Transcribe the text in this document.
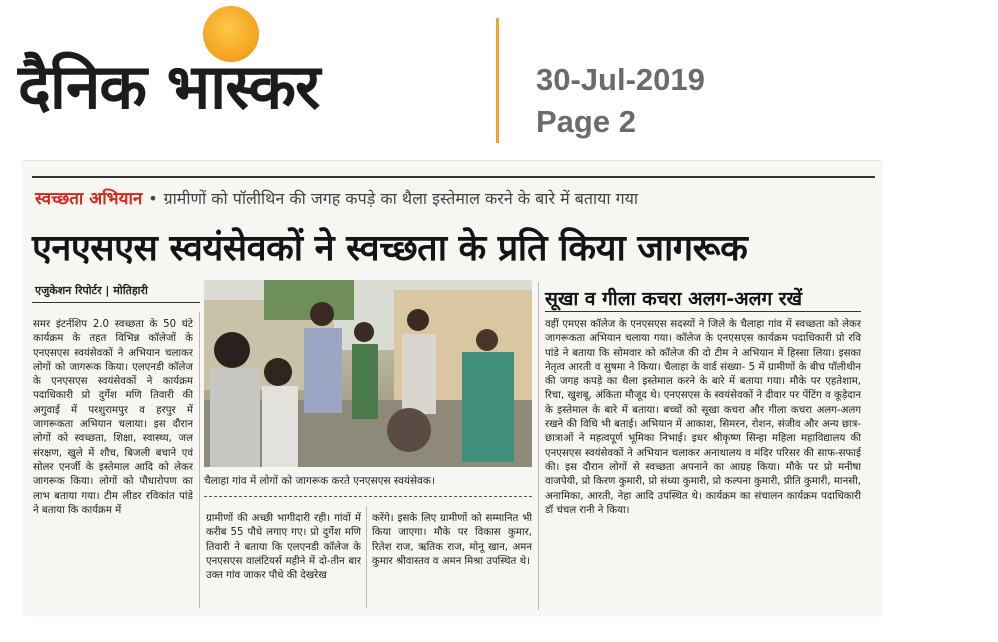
दैनिक भास्कर	30-Jul-2019
Page 2
स्वच्छता अभियान • ग्रामीणों को पॉलीथिन की जगह कपड़े का थैला इस्तेमाल करने के बारे में बताया गया
एनएसएस स्वयंसेवकों ने स्वच्छता के प्रति किया जागरूक
एजुकेशन रिपोर्टर | मोतिहारी
समर इंटर्नशिप 2.0 स्वच्छता के 50 घंटे कार्यक्रम के तहत विभिन्न कॉलेजों के एनएसएस स्वयंसेवकों ने अभियान चलाकर लोगों को जागरूक किया। एलएनडी कॉलेज के एनएसएस स्वयंसेवकों ने कार्यक्रम पदाधिकारी प्रो दुर्गेश मणि तिवारी की अगुवाई में परशुरामपुर व हरपुर में जागरूकता अभियान चलाया। इस दौरान लोगों को स्वच्छता, शिक्षा, स्वास्थ्य, जल संरक्षण, खुले में शौच, बिजली बचाने एवं सोलर एनर्जी के इस्तेमाल आदि को लेकर जागरूक किया। लोगों को पौधारोपण का लाभ बताया गया। टीम लीडर रविकांत पांडे ने बताया कि कार्यक्रम में
चैलाहा गांव में लोगों को जागरूक करते एनएसएस स्वयंसेवक।
ग्रामीणों की अच्छी भागीदारी रही। गांवों में करीब 55 पौधे लगाए गए। प्रो दुर्गेश मणि तिवारी ने बताया कि एलएनडी कॉलेज के एनएसएस वालंटियर्स महीने में दो-तीन बार उक्त गांव जाकर पौधे की देखरेख
करेंगे। इसके लिए ग्रामीणों को सम्मानित भी किया जाएगा। मौके पर विकास कुमार, रितेश राज, ऋतिक राज, मोनू खान, अमन कुमार श्रीवास्तव व अमन मिश्रा उपस्थित थे।
सूखा व गीला कचरा अलग-अलग रखें
वहीं एमएस कॉलेज के एनएसएस सदस्यों ने जिले के चैलाहा गांव में स्वच्छता को लेकर जागरूकता अभियान चलाया गया। कॉलेज के एनएसएस कार्यक्रम पदाधिकारी प्रो रवि पांडे ने बताया कि सोमवार को कॉलेज की दो टीम ने अभियान में हिस्सा लिया। इसका नेतृत्व आरती व सुषमा ने किया। चैलाहा के वार्ड संख्या- 5 में ग्रामीणों के बीच पॉलीथीन की जगह कपड़े का थैला इस्तेमाल करने के बारे में बताया गया। मौके पर एहतेशाम, रिचा, खुशबू, अंकिता मौजूद थे। एनएसएस के स्वयंसेवकों ने दीवार पर पेंटिंग व कूड़ेदान के इस्तेमाल के बारे में बताया। बच्चों को सूखा कचरा और गीला कचरा अलग-अलग रखने की विधि भी बताई। अभियान में आकाश, सिमरन, रोशन, संजीव और अन्य छात्र-छात्राओं ने महत्वपूर्ण भूमिका निभाई। इधर श्रीकृष्ण सिन्हा महिला महाविद्यालय की एनएसएस स्वयंसेवकों ने अभियान चलाकर अनाथालय व मंदिर परिसर की साफ-सफाई की। इस दौरान लोगों से स्वच्छता अपनाने का आग्रह किया। मौके पर प्रो मनीषा वाजपेयी, प्रो किरण कुमारी, प्रो संध्या कुमारी, प्रो कल्पना कुमारी, प्रीति कुमारी, मानसी, अनामिका, आरती, नेहा आदि उपस्थित थे। कार्यक्रम का संचालन कार्यक्रम पदाधिकारी डॉ चंचल रानी ने किया।
